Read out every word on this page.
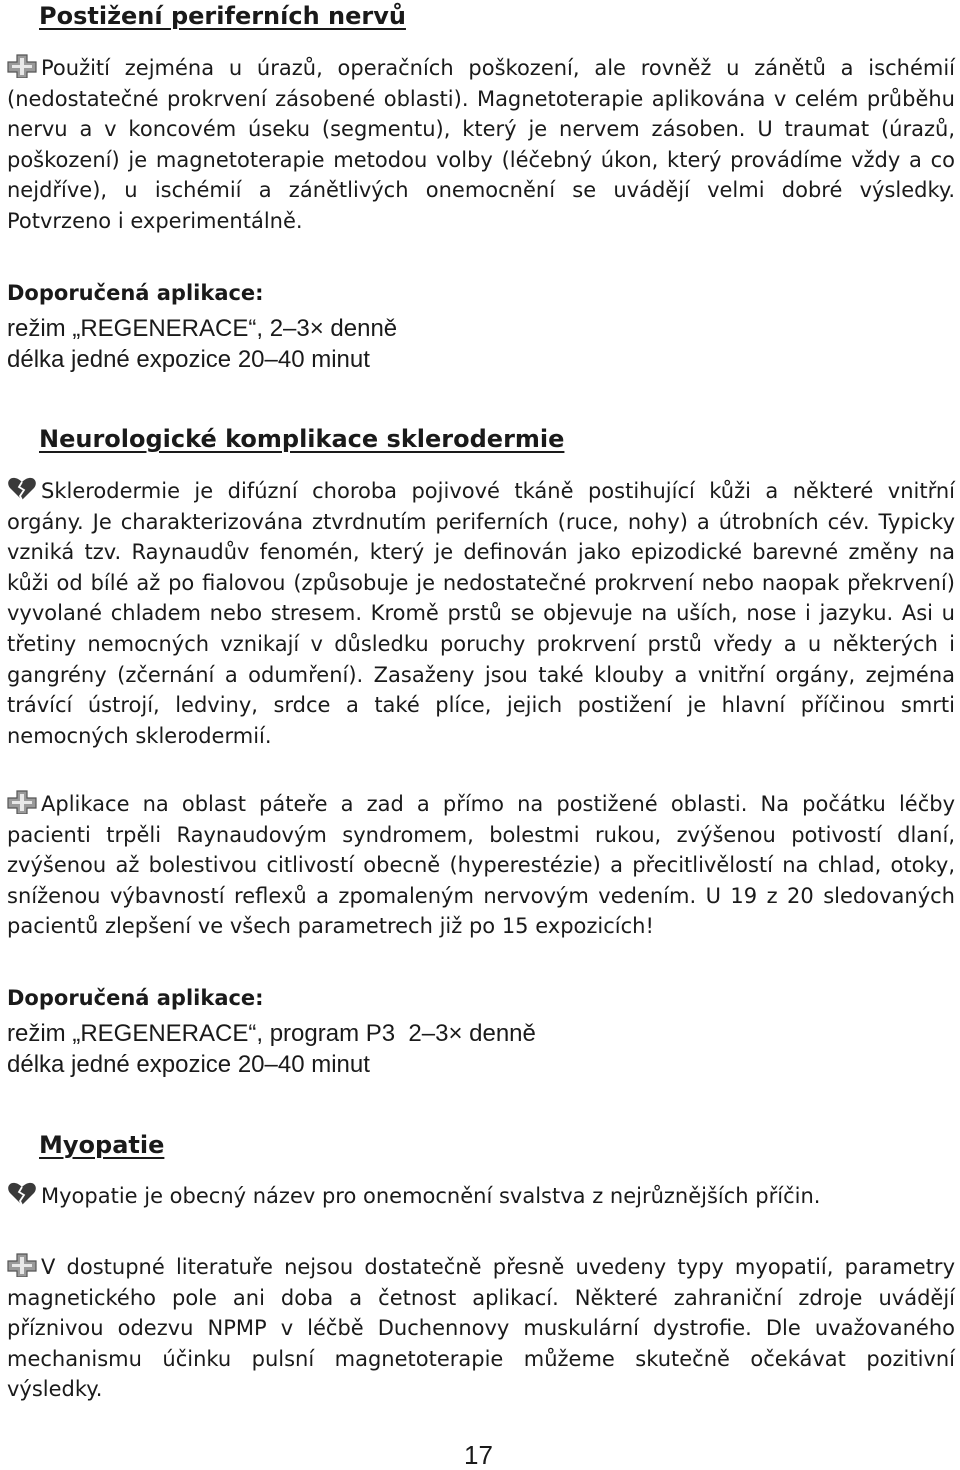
Postižení periferních nervů

Použití zejména u úrazů, operačních poškození, ale rovněž u zánětů a ischémií (nedostatečné prokrvení zásobené oblasti). Magnetoterapie aplikována v celém průběhu nervu a v koncovém úseku (segmentu), který je nervem zásoben. U traumat (úrazů, poškození) je magnetoterapie metodou volby (léčebný úkon, který provádíme vždy a co nejdříve), u ischémií a zánětlivých onemocnění se uvádějí velmi dobré výsledky. Potvrzeno i experimentálně.

Doporučená aplikace:
režim „REGENERACE“, 2–3× denně
délka jedné expozice 20–40 minut
Neurologické komplikace sklerodermie

Sklerodermie je difúzní choroba pojivové tkáně postihující kůži a některé vnitřní orgány. Je charakterizována ztvrdnutím periferních (ruce, nohy) a útrobních cév. Typicky vzniká tzv. Raynaudův fenomén, který je definován jako epizodické barevné změny na kůži od bílé až po fialovou (způsobuje je nedostatečné prokrvení nebo naopak překrvení) vyvolané chladem nebo stresem. Kromě prstů se objevuje na uších, nose i jazyku. Asi u třetiny nemocných vznikají v důsledku poruchy prokrvení prstů vředy a u některých i gangrény (zčernání a odumření). Zasaženy jsou také klouby a vnitřní orgány, zejména trávící ústrojí, ledviny, srdce a také plíce, jejich postižení je hlavní příčinou smrti nemocných sklerodermií.

Aplikace na oblast páteře a zad a přímo na postižené oblasti. Na počátku léčby pacienti trpěli Raynaudovým syndromem, bolestmi rukou, zvýšenou potivostí dlaní, zvýšenou až bolestivou citlivostí obecně (hyperestézie) a přecitlivělostí na chlad, otoky, sníženou výbavností reflexů a zpomaleným nervovým vedením. U 19 z 20 sledovaných pacientů zlepšení ve všech parametrech již po 15 expozicích!

Doporučená aplikace:
režim „REGENERACE“, program P3  2–3× denně
délka jedné expozice 20–40 minut
Myopatie

Myopatie je obecný název pro onemocnění svalstva z nejrůznějších příčin.

V dostupné literatuře nejsou dostatečně přesně uvedeny typy myopatií, parametry magnetického pole ani doba a četnost aplikací. Některé zahraniční zdroje uvádějí příznivou odezvu NPMP v léčbě Duchennovy muskulární dystrofie. Dle uvažovaného mechanismu účinku pulsní magnetoterapie můžeme skutečně očekávat pozitivní výsledky.

17
